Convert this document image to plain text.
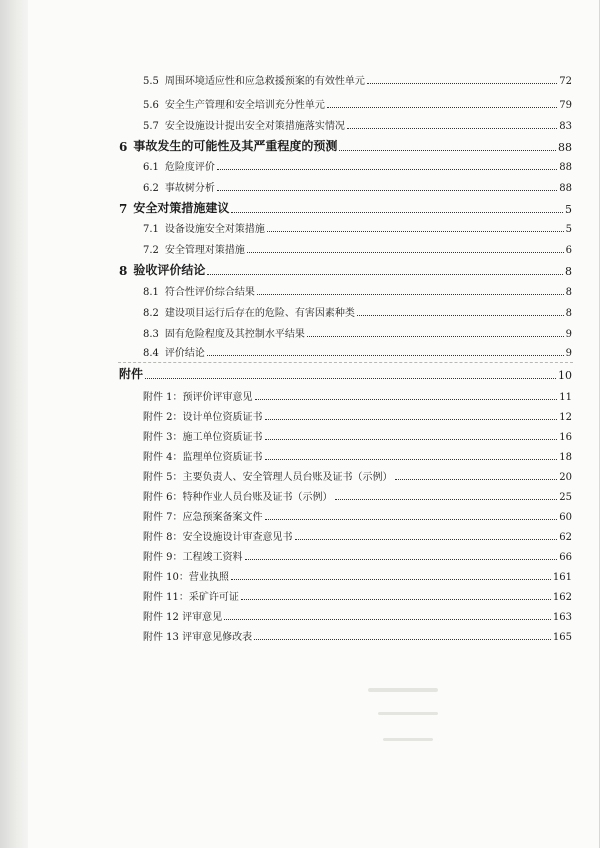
5.5 周围环境适应性和应急救援预案的有效性单元	72
5.6 安全生产管理和安全培训充分性单元	79
5.7 安全设施设计提出安全对策措施落实情况	83
6 事故发生的可能性及其严重程度的预测	88
6.1 危险度评价	88
6.2 事故树分析	88
7 安全对策措施建议	5
7.1 设备设施安全对策措施	5
7.2 安全管理对策措施	6
8 验收评价结论	8
8.1 符合性评价综合结果	8
8.2 建设项目运行后存在的危险、有害因素种类	8
8.3 固有危险程度及其控制水平结果	9
8.4 评价结论	9
附件	10
附件 1：预评价评审意见	11
附件 2：设计单位资质证书	12
附件 3：施工单位资质证书	16
附件 4：监理单位资质证书	18
附件 5：主要负责人、安全管理人员台账及证书（示例）	20
附件 6：特种作业人员台账及证书（示例）	25
附件 7：应急预案备案文件	60
附件 8：安全设施设计审查意见书	62
附件 9：工程竣工资料	66
附件 10：营业执照	161
附件 11：采矿许可证	162
附件 12 评审意见	163
附件 13 评审意见修改表	165
